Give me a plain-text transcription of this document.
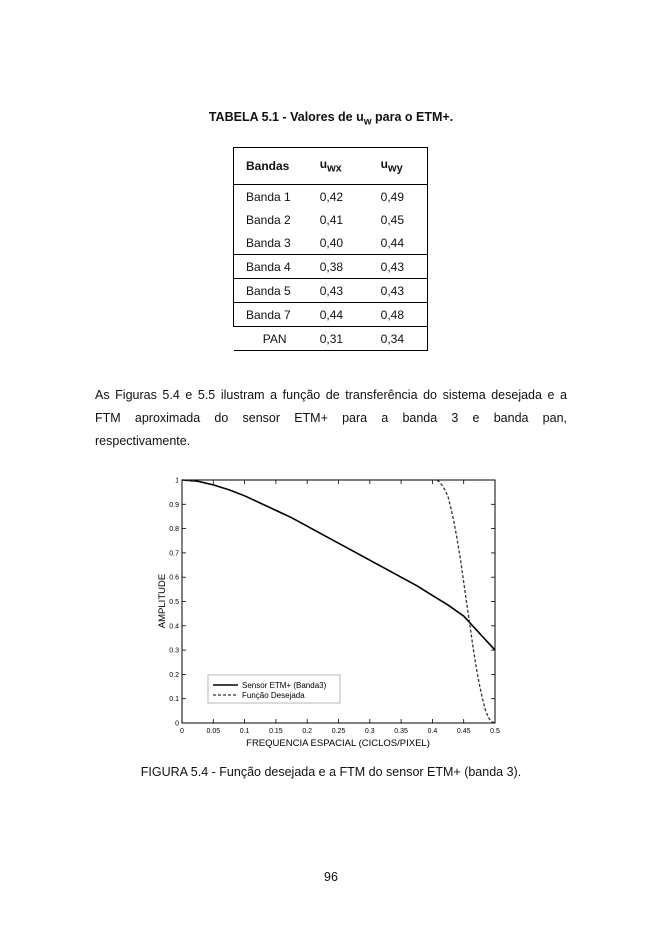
TABELA 5.1 - Valores de $u_w$ para o ETM+.
Bandas	$u_{wx}$	$u_{wy}$
Banda 1	0,42	0,49
Banda 2	0,41	0,45
Banda 3	0,40	0,44
Banda 4	0,38	0,43
Banda 5	0,43	0,43
Banda 7	0,44	0,48
PAN	0,31	0,34
As Figuras 5.4 e 5.5 ilustram a função de transferência do sistema desejada e a
FTM aproximada do sensor ETM+ para a banda 3 e banda pan,
respectivamente.
0	0.05	0.1	0.15	0.2	0.25	0.3	0.35	0.4	0.45	0.5
0
0.1
0.2
0.3
0.4
0.5
0.6
0.7
0.8
0.9
1
FREQUENCIA ESPACIAL (CICLOS/PIXEL)
AMPLITUDE
Sensor ETM+ (Banda3)
Função Desejada
FIGURA 5.4 - Função desejada e a FTM do sensor ETM+ (banda 3).
96
